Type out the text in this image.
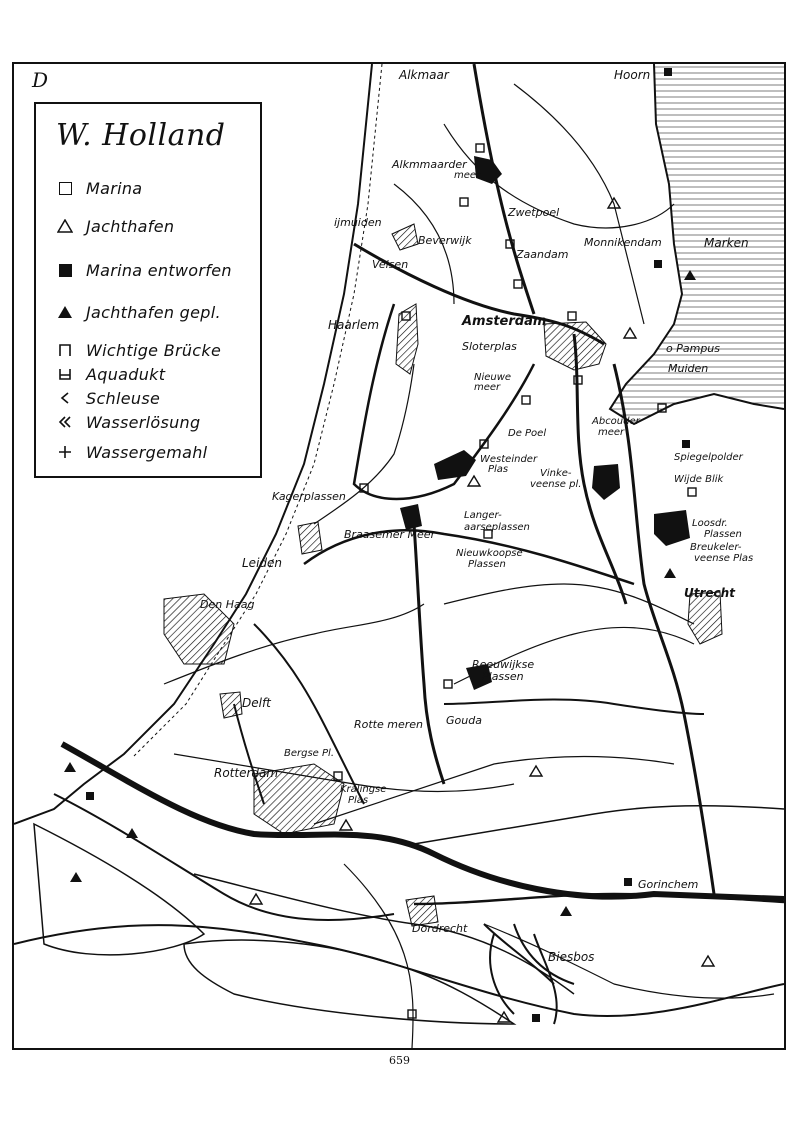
Alkmaar	Hoorn
Alkmmaarder
meer
Zwetpoel
ijmuiden
Beverwijk
Velsen
Zaandam
Monnikendam	Marken
Haarlem	Amsterdam
Sloterplas	o Pampus
Muiden
Nieuwe
meer
Abcouder
meer
De Poel
Spiegelpolder
Westeinder
Plas	Vinke-
veense pl.	Wijde Blik
Kagerplassen
Langer-
aarseplassen	Loosdr.
Plassen
Braasemer Meer
Breukeler-
veense Plas
Nieuwkoopse
Plassen
Leiden
Utrecht
Den Haag
Reeuwijkse
Plassen
Delft
Gouda
Rotte meren
Bergse Pl.
Rotterdam
Kralingse
Plas
Gorinchem
Dordrecht
Biesbos
D
W. Holland
Marina
Jachthafen
Marina entworfen
Jachthafen gepl.
Wichtige Brücke
Aquadukt
Schleuse
Wasserlösung
Wassergemahl
659
